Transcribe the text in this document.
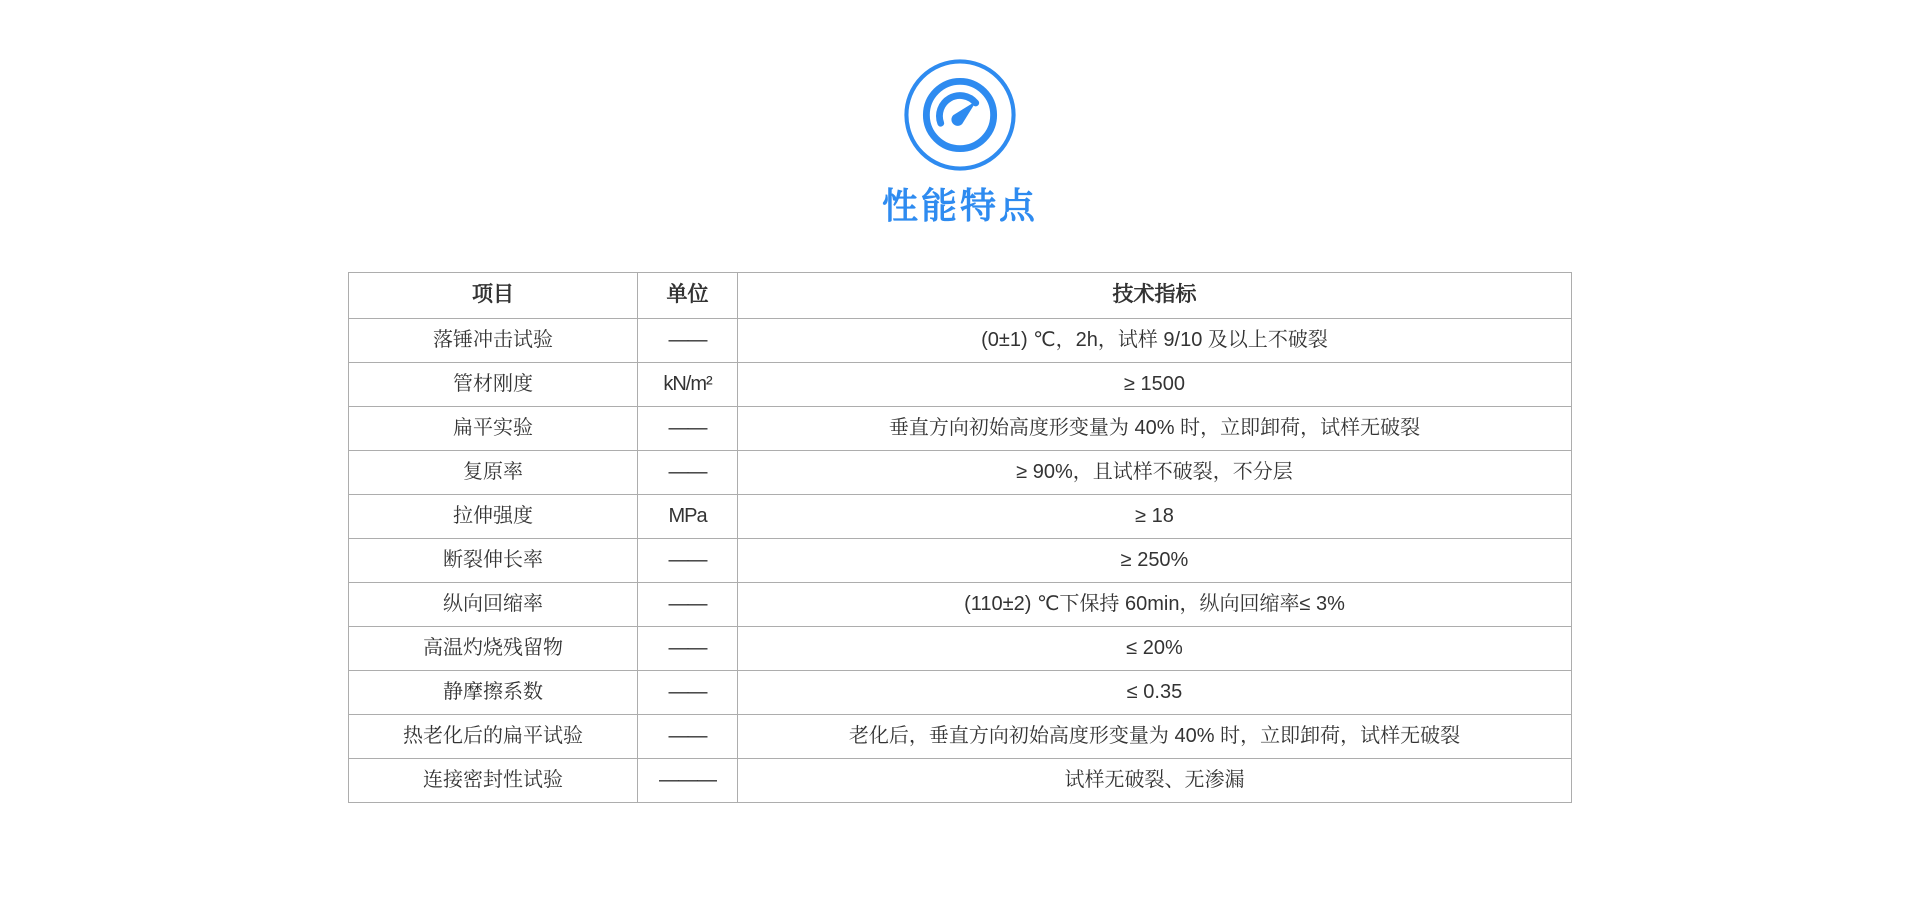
性能特点
项目	单位	技术指标
落锤冲击试验	——	(0±1) ℃，2h，试样 9/10 及以上不破裂
管材刚度	kN/m²	≥ 1500
扁平实验	——	垂直方向初始高度形变量为 40% 时，立即卸荷，试样无破裂
复原率	——	≥ 90%，且试样不破裂，不分层
拉伸强度	MPa	≥ 18
断裂伸长率	——	≥ 250%
纵向回缩率	——	(110±2) ℃下保持 60min，纵向回缩率≤ 3%
高温灼烧残留物	——	≤ 20%
静摩擦系数	——	≤ 0.35
热老化后的扁平试验	——	老化后，垂直方向初始高度形变量为 40% 时，立即卸荷，试样无破裂
连接密封性试验	———	试样无破裂、无渗漏
